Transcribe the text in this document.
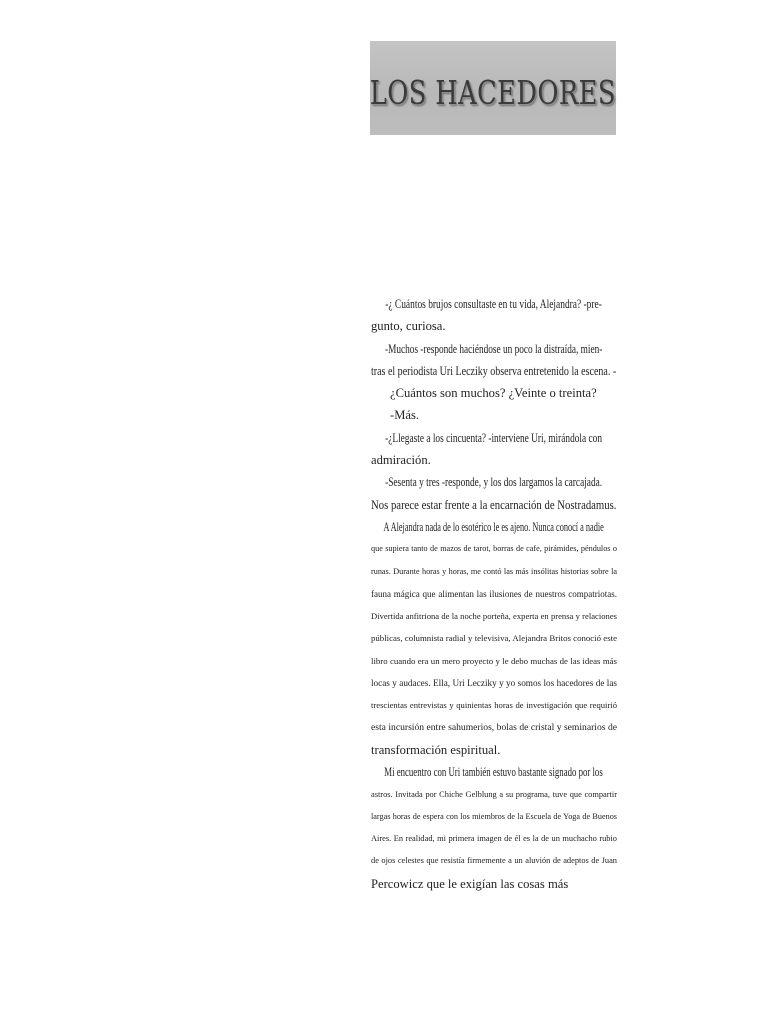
LOS HACEDORES
-¿ Cuántos brujos consultaste en tu vida, Alejandra? -pre-
gunto, curiosa.
-Muchos -responde haciéndose un poco la distraída, mien-
tras el periodista Uri Lecziky observa entretenido la escena. -
¿Cuántos son muchos? ¿Veinte o treinta?
-Más.
-¿Llegaste a los cincuenta? -interviene Uri, mirándola con
admiración.
-Sesenta y tres -responde, y los dos largamos la carcajada.
Nos parece estar frente a la encarnación de Nostradamus.
A Alejandra nada de lo esotérico le es ajeno. Nunca conocí a nadie
que supiera tanto de mazos de tarot, borras de cafe, pirámides, péndulos o
runas. Durante horas y horas, me contó las más insólitas historias sobre la
fauna mágica que alimentan las ilusiones de nuestros compatriotas.
Divertida anfitriona de la noche porteña, experta en prensa y relaciones
públicas, columnista radial y televisiva, Alejandra Britos conoció este
libro cuando era un mero proyecto y le debo muchas de las ideas más
locas y audaces. Ella, Uri Lecziky y yo somos los hacedores de las
trescientas entrevistas y quinientas horas de investigación que requirió
esta incursión entre sahumerios, bolas de cristal y seminarios de
transformación espiritual.
Mi encuentro con Uri también estuvo bastante signado por los
astros. Invitada por Chiche Gelblung a su programa, tuve que compartir
largas horas de espera con los miembros de la Escuela de Yoga de Buenos
Aires. En realidad, mi primera imagen de él es la de un muchacho rubio
de ojos celestes que resistía firmemente a un aluvión de adeptos de Juan
Percowicz que le exigían las cosas más
